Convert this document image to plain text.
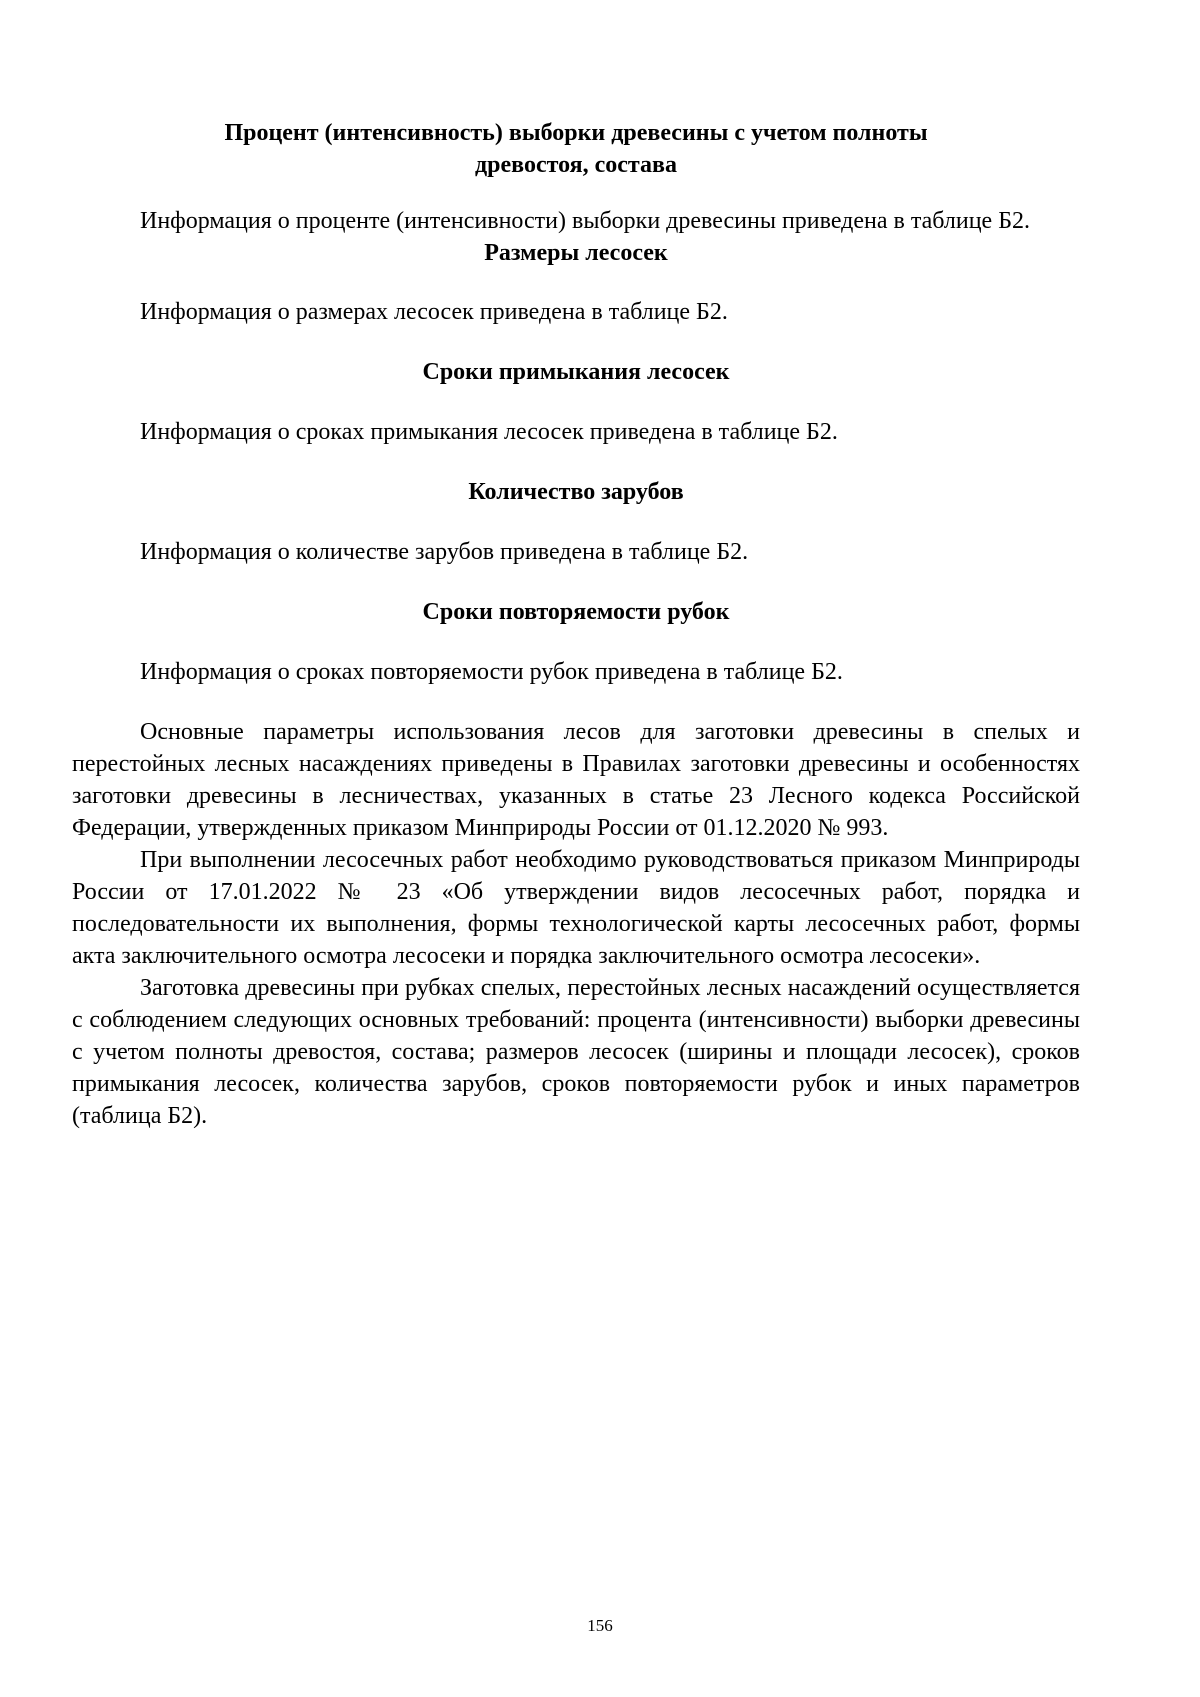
Процент (интенсивность) выборки древесины с учетом полноты
древостоя, состава

Информация о проценте (интенсивности) выборки древесины приведена в таблице Б2.

Размеры лесосек

Информация о размерах лесосек приведена в таблице Б2.

Сроки примыкания лесосек

Информация о сроках примыкания лесосек приведена в таблице Б2.

Количество зарубов

Информация о количестве зарубов приведена в таблице Б2.

Сроки повторяемости рубок

Информация о сроках повторяемости рубок приведена в таблице Б2.

Основные параметры использования лесов для заготовки древесины в спелых и перестойных лесных насаждениях приведены в Правилах заготовки древесины и особенностях заготовки древесины в лесничествах, указанных в статье 23 Лесного кодекса Российской Федерации, утвержденных приказом Минприроды России от 01.12.2020 № 993.

При выполнении лесосечных работ необходимо руководствоваться приказом Минприроды России от 17.01.2022 № 23 «Об утверждении видов лесосечных работ, порядка и последовательности их выполнения, формы технологической карты лесосечных работ, формы акта заключительного осмотра лесосеки и порядка заключительного осмотра лесосеки».

Заготовка древесины при рубках спелых, перестойных лесных насаждений осуществляется с соблюдением следующих основных требований: процента (интенсивности) выборки древесины с учетом полноты древостоя, состава; размеров лесосек (ширины и площади лесосек), сроков примыкания лесосек, количества зарубов, сроков повторяемости рубок и иных параметров (таблица Б2).

156
